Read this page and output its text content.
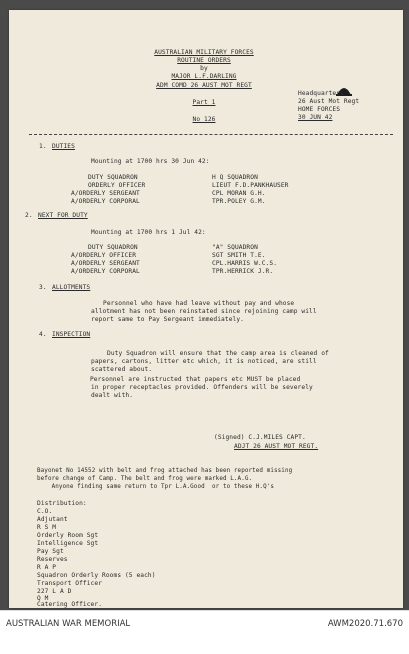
AUSTRALIAN MILITARY FORCES
ROUTINE ORDERS
by
MAJOR L.F.DARLING
ADM COMD 26 AUST MOT REGT
Part 1
No 126
Headquarters
26 Aust Mot Regt
HOME FORCES
30 JUN 42
1. DUTIES
Mounting at 1700 hrs 30 Jun 42:
DUTY SQUADRON
ORDERLY OFFICER
A/ORDERLY SERGEANT
A/ORDERLY CORPORAL
H Q SQUADRON
LIEUT F.D.PANKHAUSER
CPL MORAN G.H.
TPR.POLEY G.M.
2. NEXT FOR DUTY
Mounting at 1700 hrs 1 Jul 42:
DUTY SQUADRON
A/ORDERLY OFFICER
A/ORDERLY SERGEANT
A/ORDERLY CORPORAL
"A" SQUADRON
SGT SMITH T.E.
CPL.HARRIS W.C.S.
TPR.HERRICK J.R.
3. ALLOTMENTS
Personnel who have had leave without pay and whose
allotment has not been reinstated since rejoining camp will
report same to Pay Sergeant immediately.
4. INSPECTION
Duty Squadron will ensure that the camp area is cleaned of
papers, cartons, litter etc which, it is noticed, are still
scattered about.
Personnel are instructed that papers etc MUST be placed
in proper receptacles provided. Offenders will be severely
dealt with.
(Signed) C.J.MILES CAPT.
ADJT 26 AUST MOT REGT.
Bayonet No 14552 with belt and frog attached has been reported missing
before change of Camp. The belt and frog were marked L.A.G.
Anyone finding same return to Tpr L.A.Good  or to these H.Q's
Distribution:
C.O.
Adjutant
R S M
Orderly Room Sgt
Intelligence Sgt
Pay Sgt
Reserves
R A P
Squadron Orderly Rooms (5 each)
Transport Officer
227 L A D
Q M
Catering Officer.
AUSTRALIAN WAR MEMORIAL	AWM2020.71.670
